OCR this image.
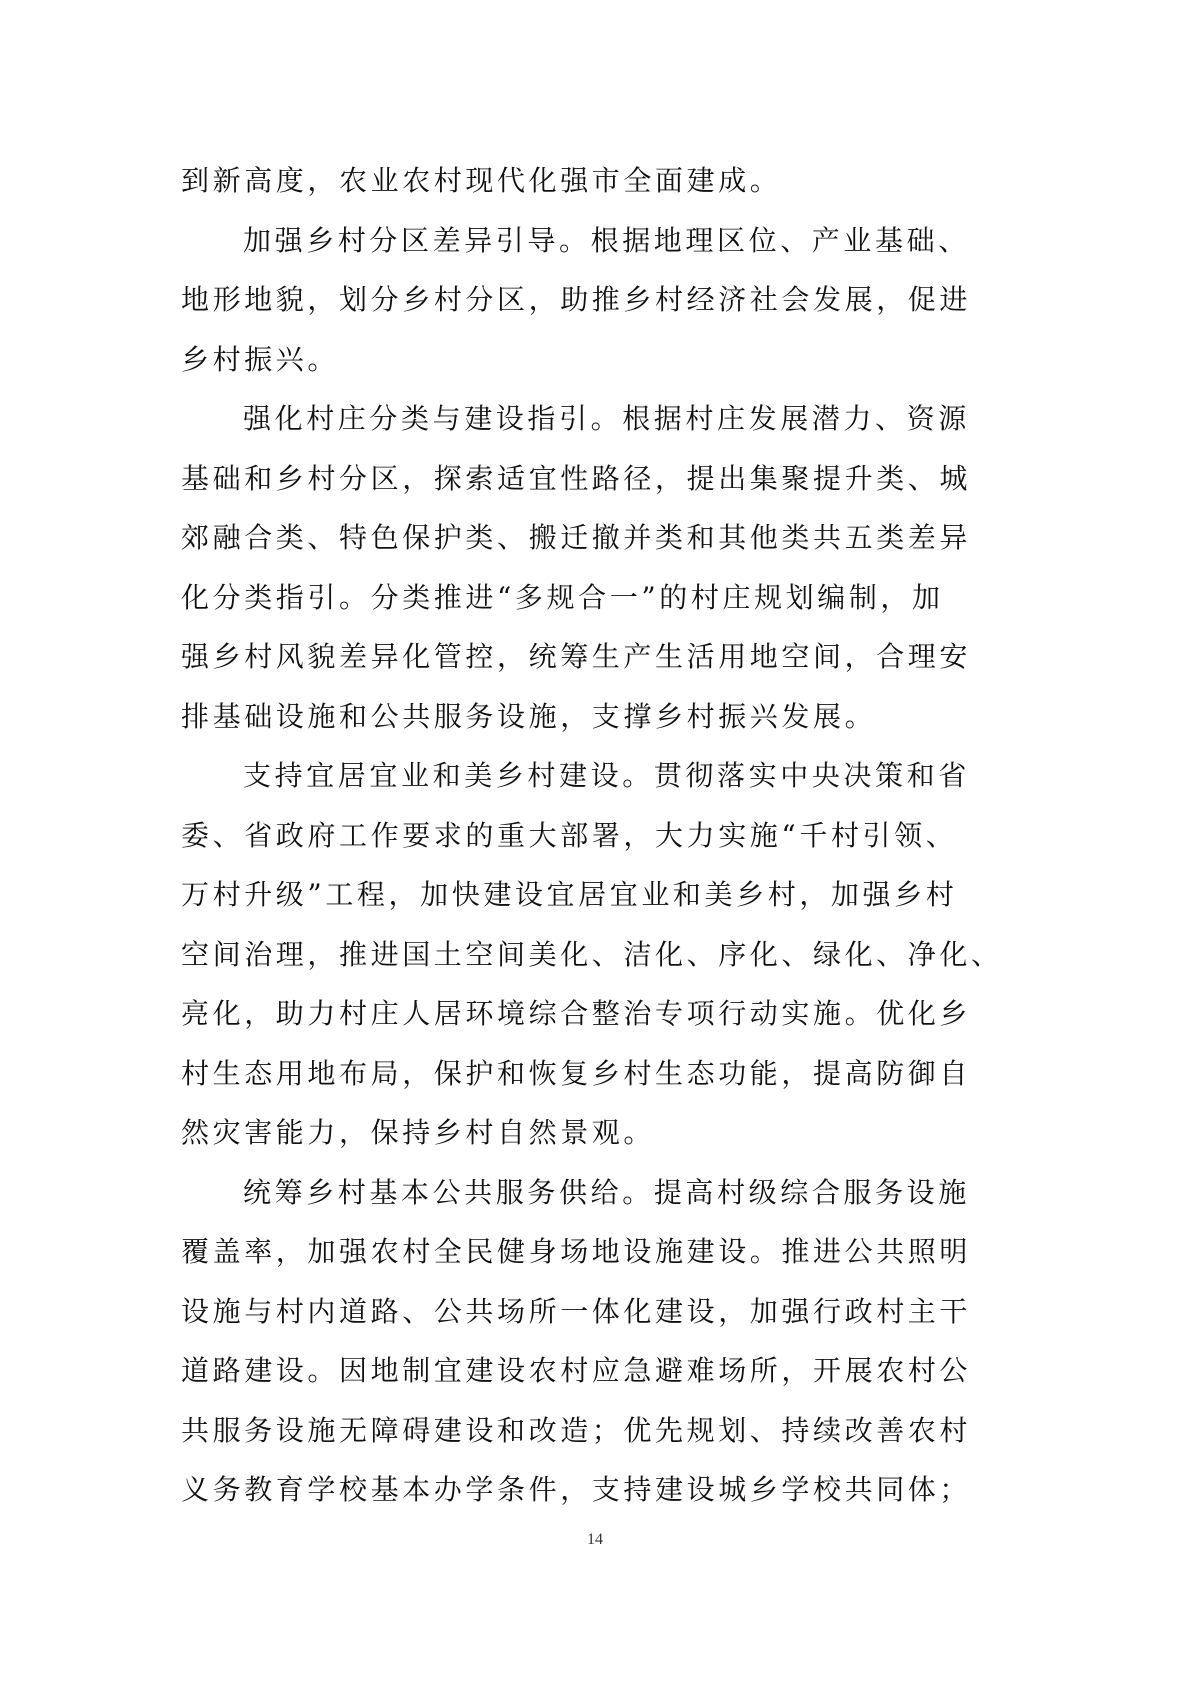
到新高度，农业农村现代化强市全面建成。
加强乡村分区差异引导。根据地理区位、产业基础、
地形地貌，划分乡村分区，助推乡村经济社会发展，促进
乡村振兴。
强化村庄分类与建设指引。根据村庄发展潜力、资源
基础和乡村分区，探索适宜性路径，提出集聚提升类、城
郊融合类、特色保护类、搬迁撤并类和其他类共五类差异
化分类指引。分类推进“多规合一”的村庄规划编制，加
强乡村风貌差异化管控，统筹生产生活用地空间，合理安
排基础设施和公共服务设施，支撑乡村振兴发展。
支持宜居宜业和美乡村建设。贯彻落实中央决策和省
委、省政府工作要求的重大部署，大力实施“千村引领、
万村升级”工程，加快建设宜居宜业和美乡村，加强乡村
空间治理，推进国土空间美化、洁化、序化、绿化、净化、
亮化，助力村庄人居环境综合整治专项行动实施。优化乡
村生态用地布局，保护和恢复乡村生态功能，提高防御自
然灾害能力，保持乡村自然景观。
统筹乡村基本公共服务供给。提高村级综合服务设施
覆盖率，加强农村全民健身场地设施建设。推进公共照明
设施与村内道路、公共场所一体化建设，加强行政村主干
道路建设。因地制宜建设农村应急避难场所，开展农村公
共服务设施无障碍建设和改造；优先规划、持续改善农村
义务教育学校基本办学条件，支持建设城乡学校共同体；
14
